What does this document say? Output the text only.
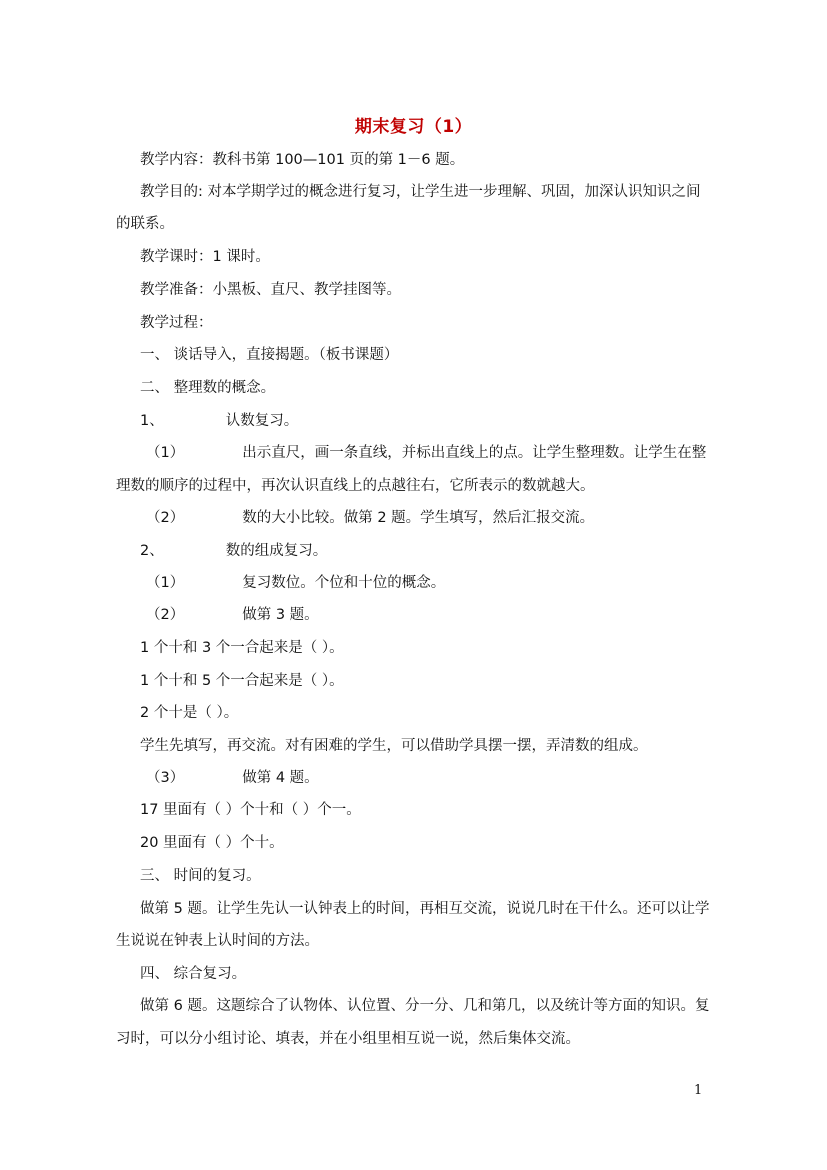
期末复习（1）
教学内容：教科书第 100—101 页的第 1－6 题。
教学目的: 对本学期学过的概念进行复习，让学生进一步理解、巩固，加深认识知识之间
的联系。
教学课时：1 课时。
教学准备：小黑板、直尺、教学挂图等。
教学过程：
一、 谈话导入，直接揭题。（板书课题）
二、 整理数的概念。
1、	认数复习。
（1）	出示直尺，画一条直线，并标出直线上的点。让学生整理数。让学生在整
理数的顺序的过程中，再次认识直线上的点越往右，它所表示的数就越大。
（2）	数的大小比较。做第 2 题。学生填写，然后汇报交流。
2、	数的组成复习。
（1）	复习数位。个位和十位的概念。
（2）	做第 3 题。
1 个十和 3 个一合起来是（ ）。
1 个十和 5 个一合起来是（ ）。
2 个十是（ ）。
学生先填写，再交流。对有困难的学生，可以借助学具摆一摆，弄清数的组成。
（3）	做第 4 题。
17 里面有（ ）个十和（ ）个一。
20 里面有（ ）个十。
三、 时间的复习。
做第 5 题。让学生先认一认钟表上的时间，再相互交流，说说几时在干什么。还可以让学
生说说在钟表上认时间的方法。
四、 综合复习。
做第 6 题。这题综合了认物体、认位置、分一分、几和第几，以及统计等方面的知识。复
习时，可以分小组讨论、填表，并在小组里相互说一说，然后集体交流。
1
